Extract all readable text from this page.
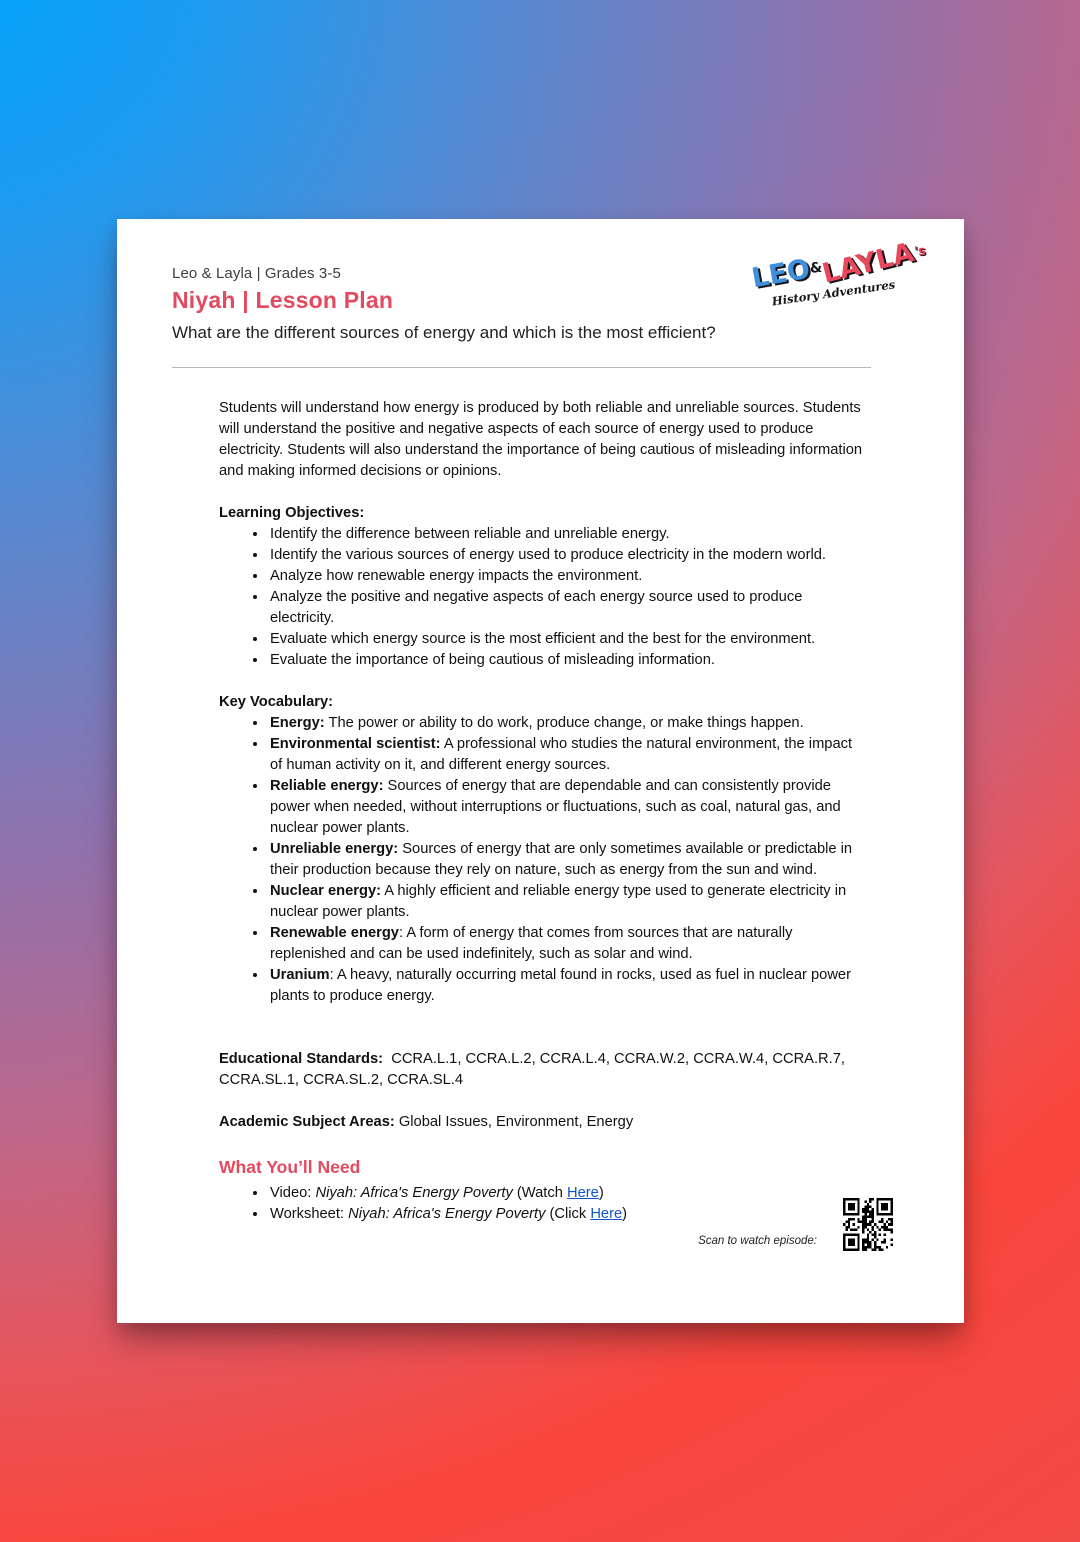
$LEO^{\&}LAYLA^{'s}$
History Adventures
Leo & Layla | Grades 3-5
Niyah | Lesson Plan
What are the different sources of energy and which is the most efficient?

Students will understand how energy is produced by both reliable and unreliable sources. Students will understand the positive and negative aspects of each source of energy used to produce electricity. Students will also understand the importance of being cautious of misleading information and making informed decisions or opinions.

Learning Objectives:

• Identify the difference between reliable and unreliable energy.
• Identify the various sources of energy used to produce electricity in the modern world.
• Analyze how renewable energy impacts the environment.
• Analyze the positive and negative aspects of each energy source used to produce electricity.
• Evaluate which energy source is the most efficient and the best for the environment.
• Evaluate the importance of being cautious of misleading information.

Key Vocabulary:

• Energy: The power or ability to do work, produce change, or make things happen.
• Environmental scientist: A professional who studies the natural environment, the impact of human activity on it, and different energy sources.
• Reliable energy: Sources of energy that are dependable and can consistently provide power when needed, without interruptions or fluctuations, such as coal, natural gas, and nuclear power plants.
• Unreliable energy: Sources of energy that are only sometimes available or predictable in their production because they rely on nature, such as energy from the sun and wind.
• Nuclear energy: A highly efficient and reliable energy type used to generate electricity in nuclear power plants.
• Renewable energy: A form of energy that comes from sources that are naturally replenished and can be used indefinitely, such as solar and wind.
• Uranium: A heavy, naturally occurring metal found in rocks, used as fuel in nuclear power plants to produce energy.

Educational Standards:  CCRA.L.1, CCRA.L.2, CCRA.L.4, CCRA.W.2, CCRA.W.4, CCRA.R.7, CCRA.SL.1, CCRA.SL.2, CCRA.SL.4

Academic Subject Areas: Global Issues, Environment, Energy

What You’ll Need
• Video: Niyah: Africa's Energy Poverty (Watch Here)
• Worksheet: Niyah: Africa's Energy Poverty (Click Here)
Scan to watch episode:
